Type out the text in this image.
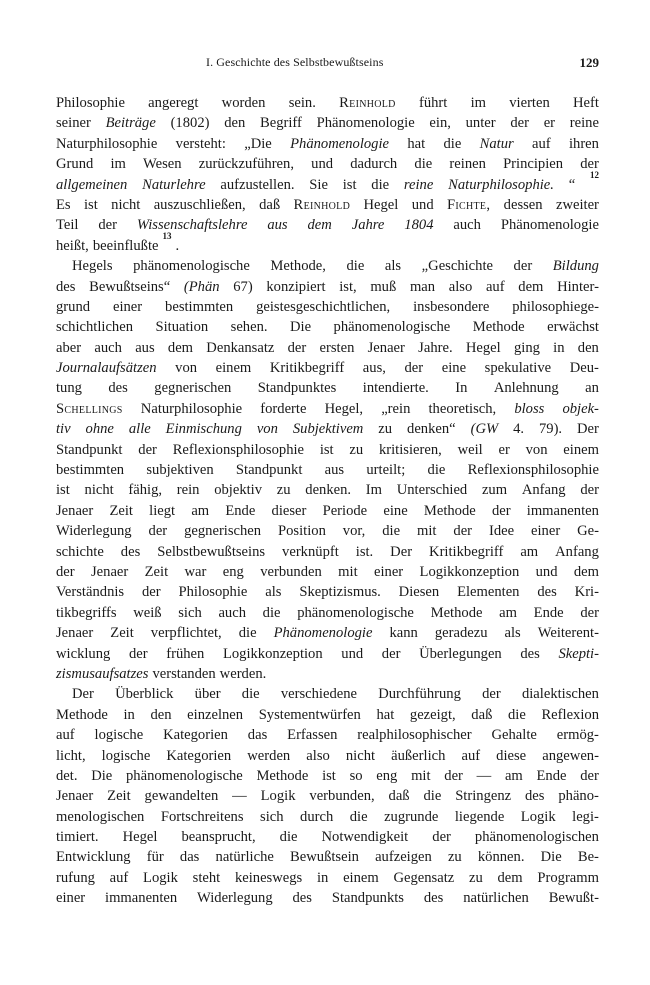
I. Geschichte des Selbstbewußtseins	129
Philosophie angeregt worden sein. Reinhold führt im vierten Heft
seiner Beiträge (1802) den Begriff Phänomenologie ein, unter der er reine
Naturphilosophie versteht: „Die Phänomenologie hat die Natur auf ihren
Grund im Wesen zurückzuführen, und dadurch die reinen Principien der
allgemeinen Naturlehre aufzustellen. Sie ist die reine Naturphilosophie. “
12
Es ist nicht auszuschließen, daß Reinhold Hegel und Fichte, dessen zweiter
Teil der Wissenschaftslehre aus dem Jahre 1804 auch Phänomenologie
heißt, beeinflußte
13
.
Hegels phänomenologische Methode, die als „Geschichte der Bildung
des Bewußtseins“ (Phän 67) konzipiert ist, muß man also auf dem Hinter-
grund einer bestimmten geistesgeschichtlichen, insbesondere philosophiege-
schichtlichen Situation sehen. Die phänomenologische Methode erwächst
aber auch aus dem Denkansatz der ersten Jenaer Jahre. Hegel ging in den
Journalaufsätzen von einem Kritikbegriff aus, der eine spekulative Deu-
tung des gegnerischen Standpunktes intendierte. In Anlehnung an
Schellings Naturphilosophie forderte Hegel, „rein theoretisch, bloss objek-
tiv ohne alle Einmischung von Subjektivem zu denken“ (GW 4. 79). Der
Standpunkt der Reflexionsphilosophie ist zu kritisieren, weil er von einem
bestimmten subjektiven Standpunkt aus urteilt; die Reflexionsphilosophie
ist nicht fähig, rein objektiv zu denken. Im Unterschied zum Anfang der
Jenaer Zeit liegt am Ende dieser Periode eine Methode der immanenten
Widerlegung der gegnerischen Position vor, die mit der Idee einer Ge-
schichte des Selbstbewußtseins verknüpft ist. Der Kritikbegriff am Anfang
der Jenaer Zeit war eng verbunden mit einer Logikkonzeption und dem
Verständnis der Philosophie als Skeptizismus. Diesen Elementen des Kri-
tikbegriffs weiß sich auch die phänomenologische Methode am Ende der
Jenaer Zeit verpflichtet, die Phänomenologie kann geradezu als Weiterent-
wicklung der frühen Logikkonzeption und der Überlegungen des Skepti-
zismusaufsatzes verstanden werden.
Der Überblick über die verschiedene Durchführung der dialektischen
Methode in den einzelnen Systementwürfen hat gezeigt, daß die Reflexion
auf logische Kategorien das Erfassen realphilosophischer Gehalte ermög-
licht, logische Kategorien werden also nicht äußerlich auf diese angewen-
det. Die phänomenologische Methode ist so eng mit der — am Ende der
Jenaer Zeit gewandelten — Logik verbunden, daß die Stringenz des phäno-
menologischen Fortschreitens sich durch die zugrunde liegende Logik legi-
timiert. Hegel beansprucht, die Notwendigkeit der phänomenologischen
Entwicklung für das natürliche Bewußtsein aufzeigen zu können. Die Be-
rufung auf Logik steht keineswegs in einem Gegensatz zu dem Programm
einer immanenten Widerlegung des Standpunkts des natürlichen Bewußt-
